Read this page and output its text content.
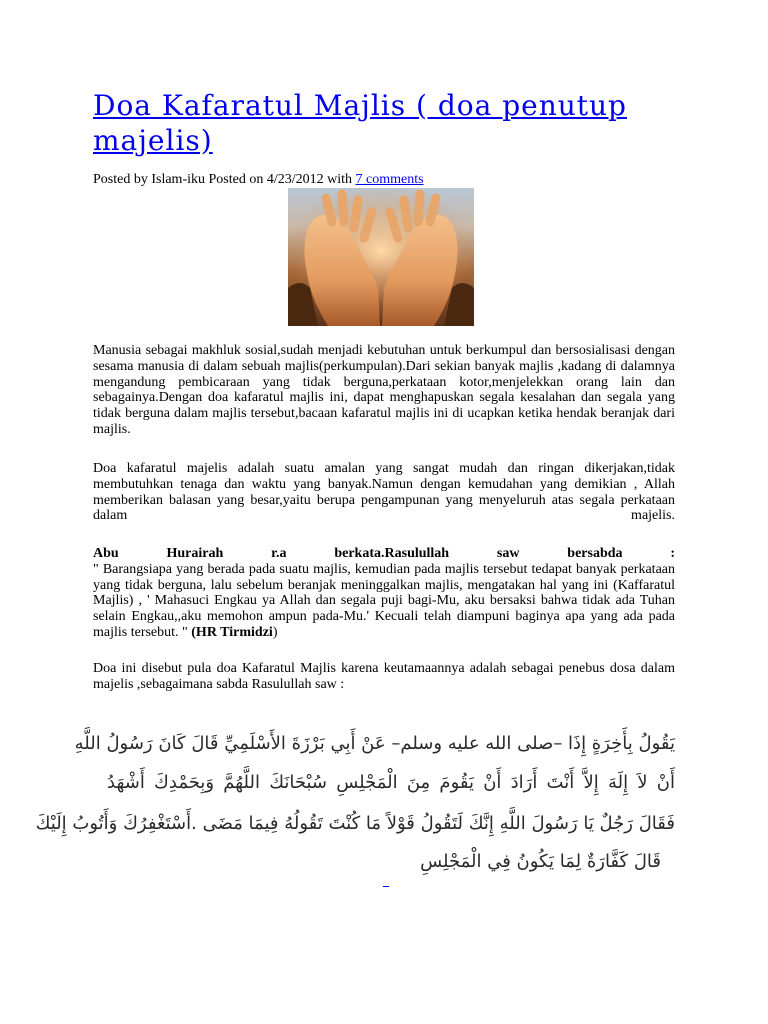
Doa Kafaratul Majlis ( doa penutup majelis)
Posted by Islam-iku Posted on 4/23/2012 with 7 comments

Manusia sebagai makhluk sosial,sudah menjadi kebutuhan untuk berkumpul dan bersosialisasi dengan sesama manusia di dalam sebuah majlis(perkumpulan).Dari sekian banyak majlis ,kadang di dalamnya mengandung pembicaraan yang tidak berguna,perkataan kotor,menjelekkan orang lain dan sebagainya.Dengan doa kafaratul majlis ini, dapat menghapuskan segala kesalahan dan segala yang tidak berguna dalam majlis tersebut,bacaan kafaratul majlis ini di ucapkan ketika hendak beranjak dari majlis.

Doa kafaratul majelis adalah suatu amalan yang sangat mudah dan ringan dikerjakan,tidak membutuhkan tenaga dan waktu yang banyak.Namun dengan kemudahan yang demikian , Allah memberikan balasan yang besar,yaitu berupa pengampunan yang menyeluruh atas segala perkataan dalam majelis.

Abu Hurairah r.a berkata.Rasulullah saw bersabda :
" Barangsiapa yang berada pada suatu majlis, kemudian pada majlis tersebut tedapat banyak perkataan yang tidak berguna, lalu sebelum beranjak meninggalkan majlis, mengatakan hal yang ini (Kaffaratul Majlis) , ' Mahasuci Engkau ya Allah dan segala puji bagi-Mu, aku bersaksi bahwa tidak ada Tuhan selain Engkau,,aku memohon ampun pada-Mu.' Kecuali telah diampuni baginya apa yang ada pada majlis tersebut. " (HR Tirmidzi)

Doa ini disebut pula doa Kafaratul Majlis karena keutamaannya adalah sebagai penebus dosa dalam majelis ,sebagaimana sabda Rasulullah saw :

يَقُولُ بِأَخِرَةٍ إِذَا –صلى الله عليه وسلم– عَنْ أَبِي بَرْزَةَ الأَسْلَمِيِّ قَالَ كَانَ رَسُولُ اللَّهِ
أَنْ لاَ إِلَهَ إِلاَّ أَنْتَ أَرَادَ أَنْ يَقُومَ مِنَ الْمَجْلِسِ سُبْحَانَكَ اللَّهُمَّ وَبِحَمْدِكَ أَشْهَدُ
فَقَالَ رَجُلٌ يَا رَسُولَ اللَّهِ إِنَّكَ لَتَقُولُ قَوْلاً مَا كُنْتَ تَقُولُهُ فِيمَا مَضَى .أَسْتَغْفِرُكَ وَأَتُوبُ إِلَيْكَ
قَالَ كَفَّارَةٌ لِمَا يَكُونُ فِي الْمَجْلِسِ
_
